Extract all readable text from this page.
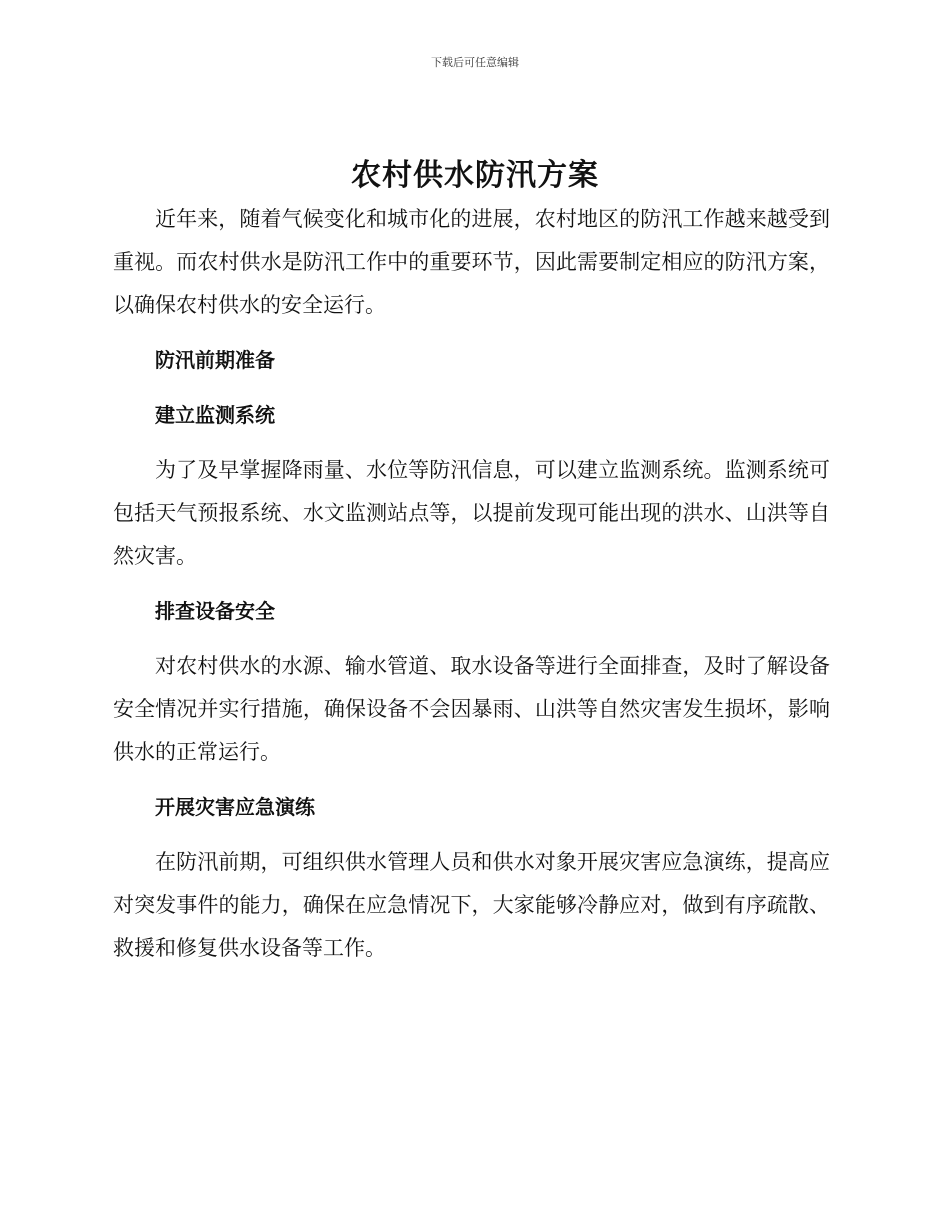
下载后可任意编辑
农村供水防汛方案

近年来，随着气候变化和城市化的进展，农村地区的防汛工作越来越受到重视。而农村供水是防汛工作中的重要环节，因此需要制定相应的防汛方案，以确保农村供水的安全运行。

防汛前期准备

建立监测系统

为了及早掌握降雨量、水位等防汛信息，可以建立监测系统。监测系统可包括天气预报系统、水文监测站点等，以提前发现可能出现的洪水、山洪等自然灾害。

排查设备安全

对农村供水的水源、输水管道、取水设备等进行全面排查，及时了解设备安全情况并实行措施，确保设备不会因暴雨、山洪等自然灾害发生损坏，影响供水的正常运行。

开展灾害应急演练

在防汛前期，可组织供水管理人员和供水对象开展灾害应急演练，提高应对突发事件的能力，确保在应急情况下，大家能够冷静应对，做到有序疏散、救援和修复供水设备等工作。
